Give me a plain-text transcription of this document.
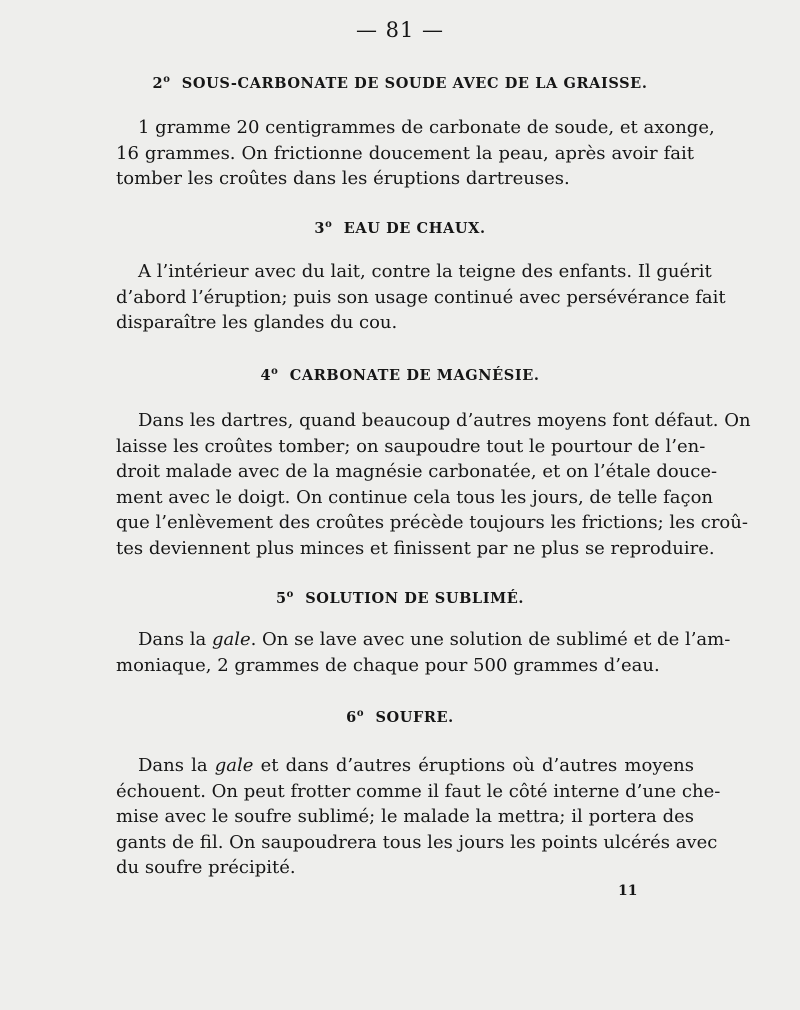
— 81 —
2$^o$ SOUS-CARBONATE DE SOUDE AVEC DE LA GRAISSE.
1 gramme 20 centigrammes de carbonate de soude, et axonge,
16 grammes. On frictionne doucement la peau, après avoir fait
tomber les croûtes dans les éruptions dartreuses.
3$^o$ EAU DE CHAUX.
A l’intérieur avec du lait, contre la teigne des enfants. Il guérit
d’abord l’éruption; puis son usage continué avec persévérance fait
disparaître les glandes du cou.
4$^o$ CARBONATE DE MAGNÉSIE.
Dans les dartres, quand beaucoup d’autres moyens font défaut. On
laisse les croûtes tomber; on saupoudre tout le pourtour de l’en-
droit malade avec de la magnésie carbonatée, et on l’étale douce-
ment avec le doigt. On continue cela tous les jours, de telle façon
que l’enlèvement des croûtes précède toujours les frictions; les croû-
tes deviennent plus minces et finissent par ne plus se reproduire.
5$^o$ SOLUTION DE SUBLIMÉ.
Dans la gale. On se lave avec une solution de sublimé et de l’am-
moniaque, 2 grammes de chaque pour 500 grammes d’eau.
6$^o$ SOUFRE.
Dans la gale et dans d’autres éruptions où d’autres moyens
échouent. On peut frotter comme il faut le côté interne d’une che-
mise avec le soufre sublimé; le malade la mettra; il portera des
gants de fil. On saupoudrera tous les jours les points ulcérés avec
du soufre précipité.
11
